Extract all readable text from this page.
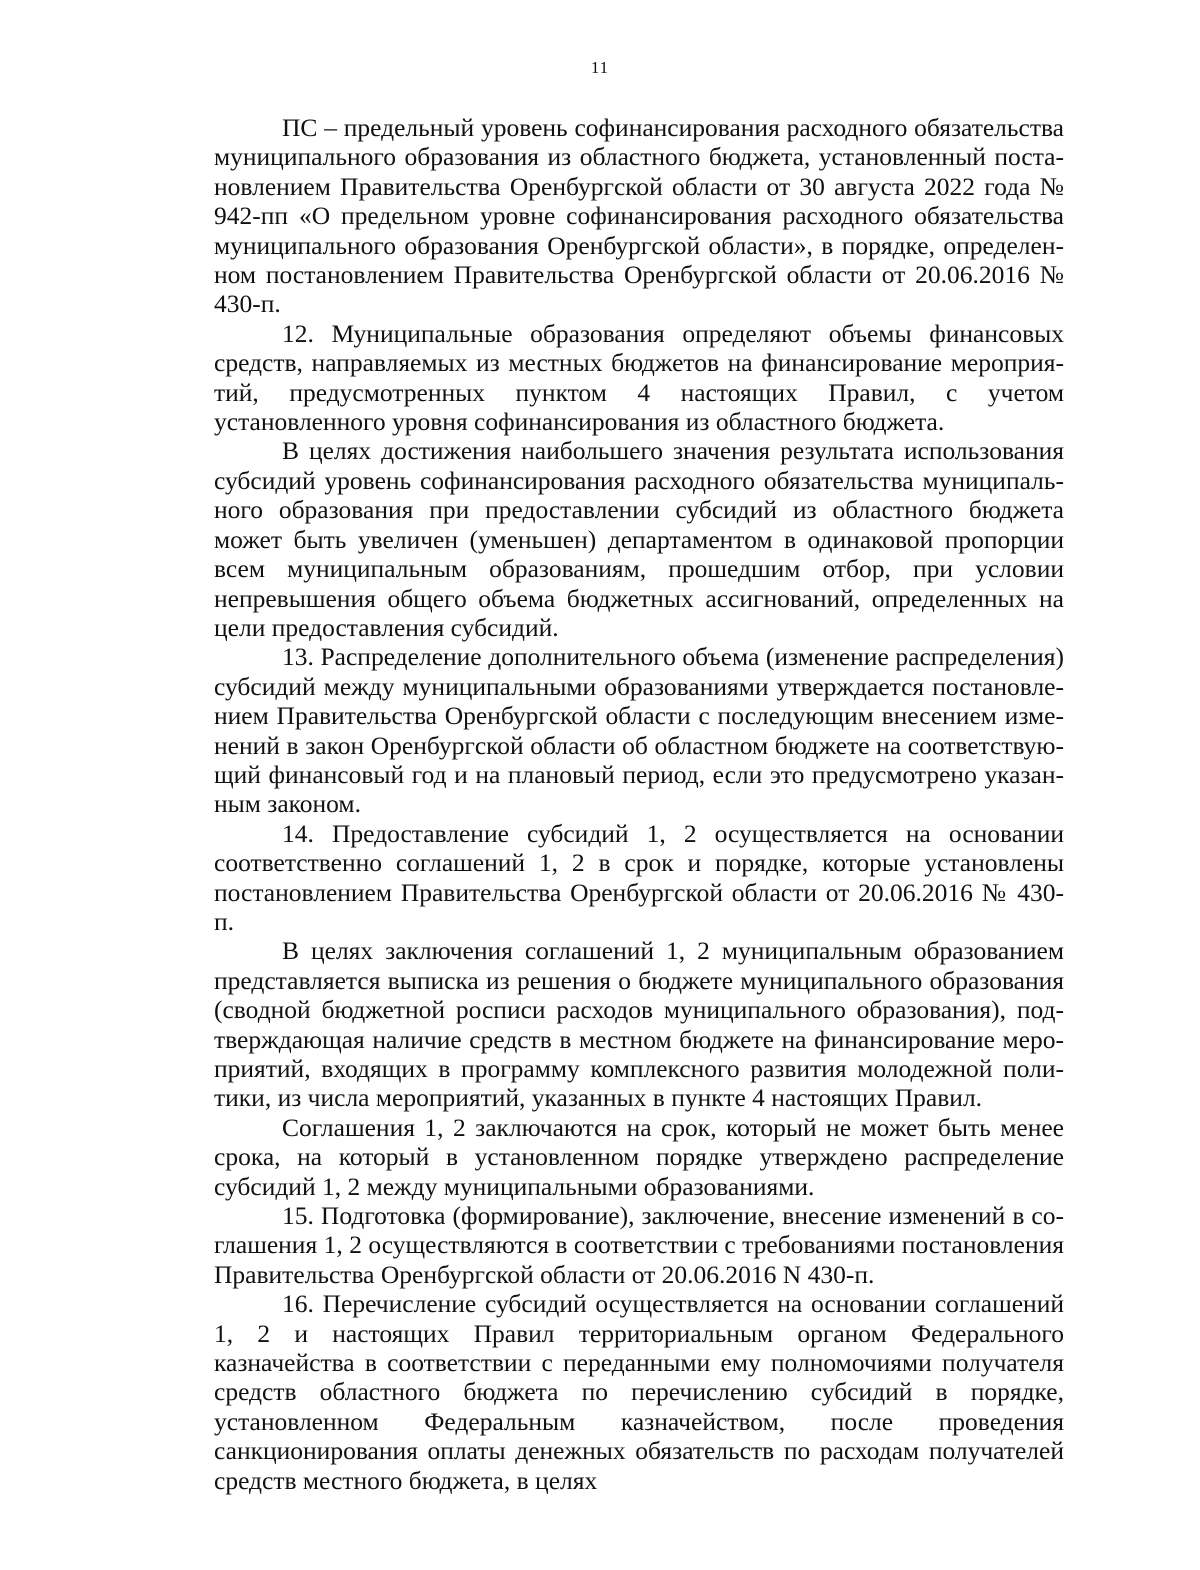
11

ПС – предельный уровень софинансирования расходного обязательства муниципального образования из областного бюджета, установленный постановлением Правительства Оренбургской области от 30 августа 2022 года № 942-пп «О предельном уровне софинансирования расходного обязательства муниципального образования Оренбургской области», в порядке, определенном постановлением Правительства Оренбургской области от 20.06.2016 № 430-п.

12. Муниципальные образования определяют объемы финансовых средств, направляемых из местных бюджетов на финансирование мероприятий, предусмотренных пунктом 4 настоящих Правил, с учетом установленного уровня софинансирования из областного бюджета.

В целях достижения наибольшего значения результата использования субсидий уровень софинансирования расходного обязательства муниципального образования при предоставлении субсидий из областного бюджета может быть увеличен (уменьшен) департаментом в одинаковой пропорции всем муниципальным образованиям, прошедшим отбор, при условии непревышения общего объема бюджетных ассигнований, определенных на цели предоставления субсидий.

13. Распределение дополнительного объема (изменение распределения) субсидий между муниципальными образованиями утверждается постановлением Правительства Оренбургской области с последующим внесением изменений в закон Оренбургской области об областном бюджете на соответствующий финансовый год и на плановый период, если это предусмотрено указанным законом.

14. Предоставление субсидий 1, 2 осуществляется на основании соответственно соглашений 1, 2 в срок и порядке, которые установлены постановлением Правительства Оренбургской области от 20.06.2016 № 430-п.

В целях заключения соглашений 1, 2 муниципальным образованием представляется выписка из решения о бюджете муниципального образования (сводной бюджетной росписи расходов муниципального образования), подтверждающая наличие средств в местном бюджете на финансирование мероприятий, входящих в программу комплексного развития молодежной политики, из числа мероприятий, указанных в пункте 4 настоящих Правил.

Соглашения 1, 2 заключаются на срок, который не может быть менее срока, на который в установленном порядке утверждено распределение субсидий 1, 2 между муниципальными образованиями.

15. Подготовка (формирование), заключение, внесение изменений в соглашения 1, 2 осуществляются в соответствии с требованиями постановления Правительства Оренбургской области от 20.06.2016 N 430-п.

16. Перечисление субсидий осуществляется на основании соглашений 1, 2 и настоящих Правил территориальным органом Федерального казначейства в соответствии с переданными ему полномочиями получателя средств областного бюджета по перечислению субсидий в порядке, установленном Федеральным казначейством, после проведения санкционирования оплаты денежных обязательств по расходам получателей средств местного бюджета, в целях
